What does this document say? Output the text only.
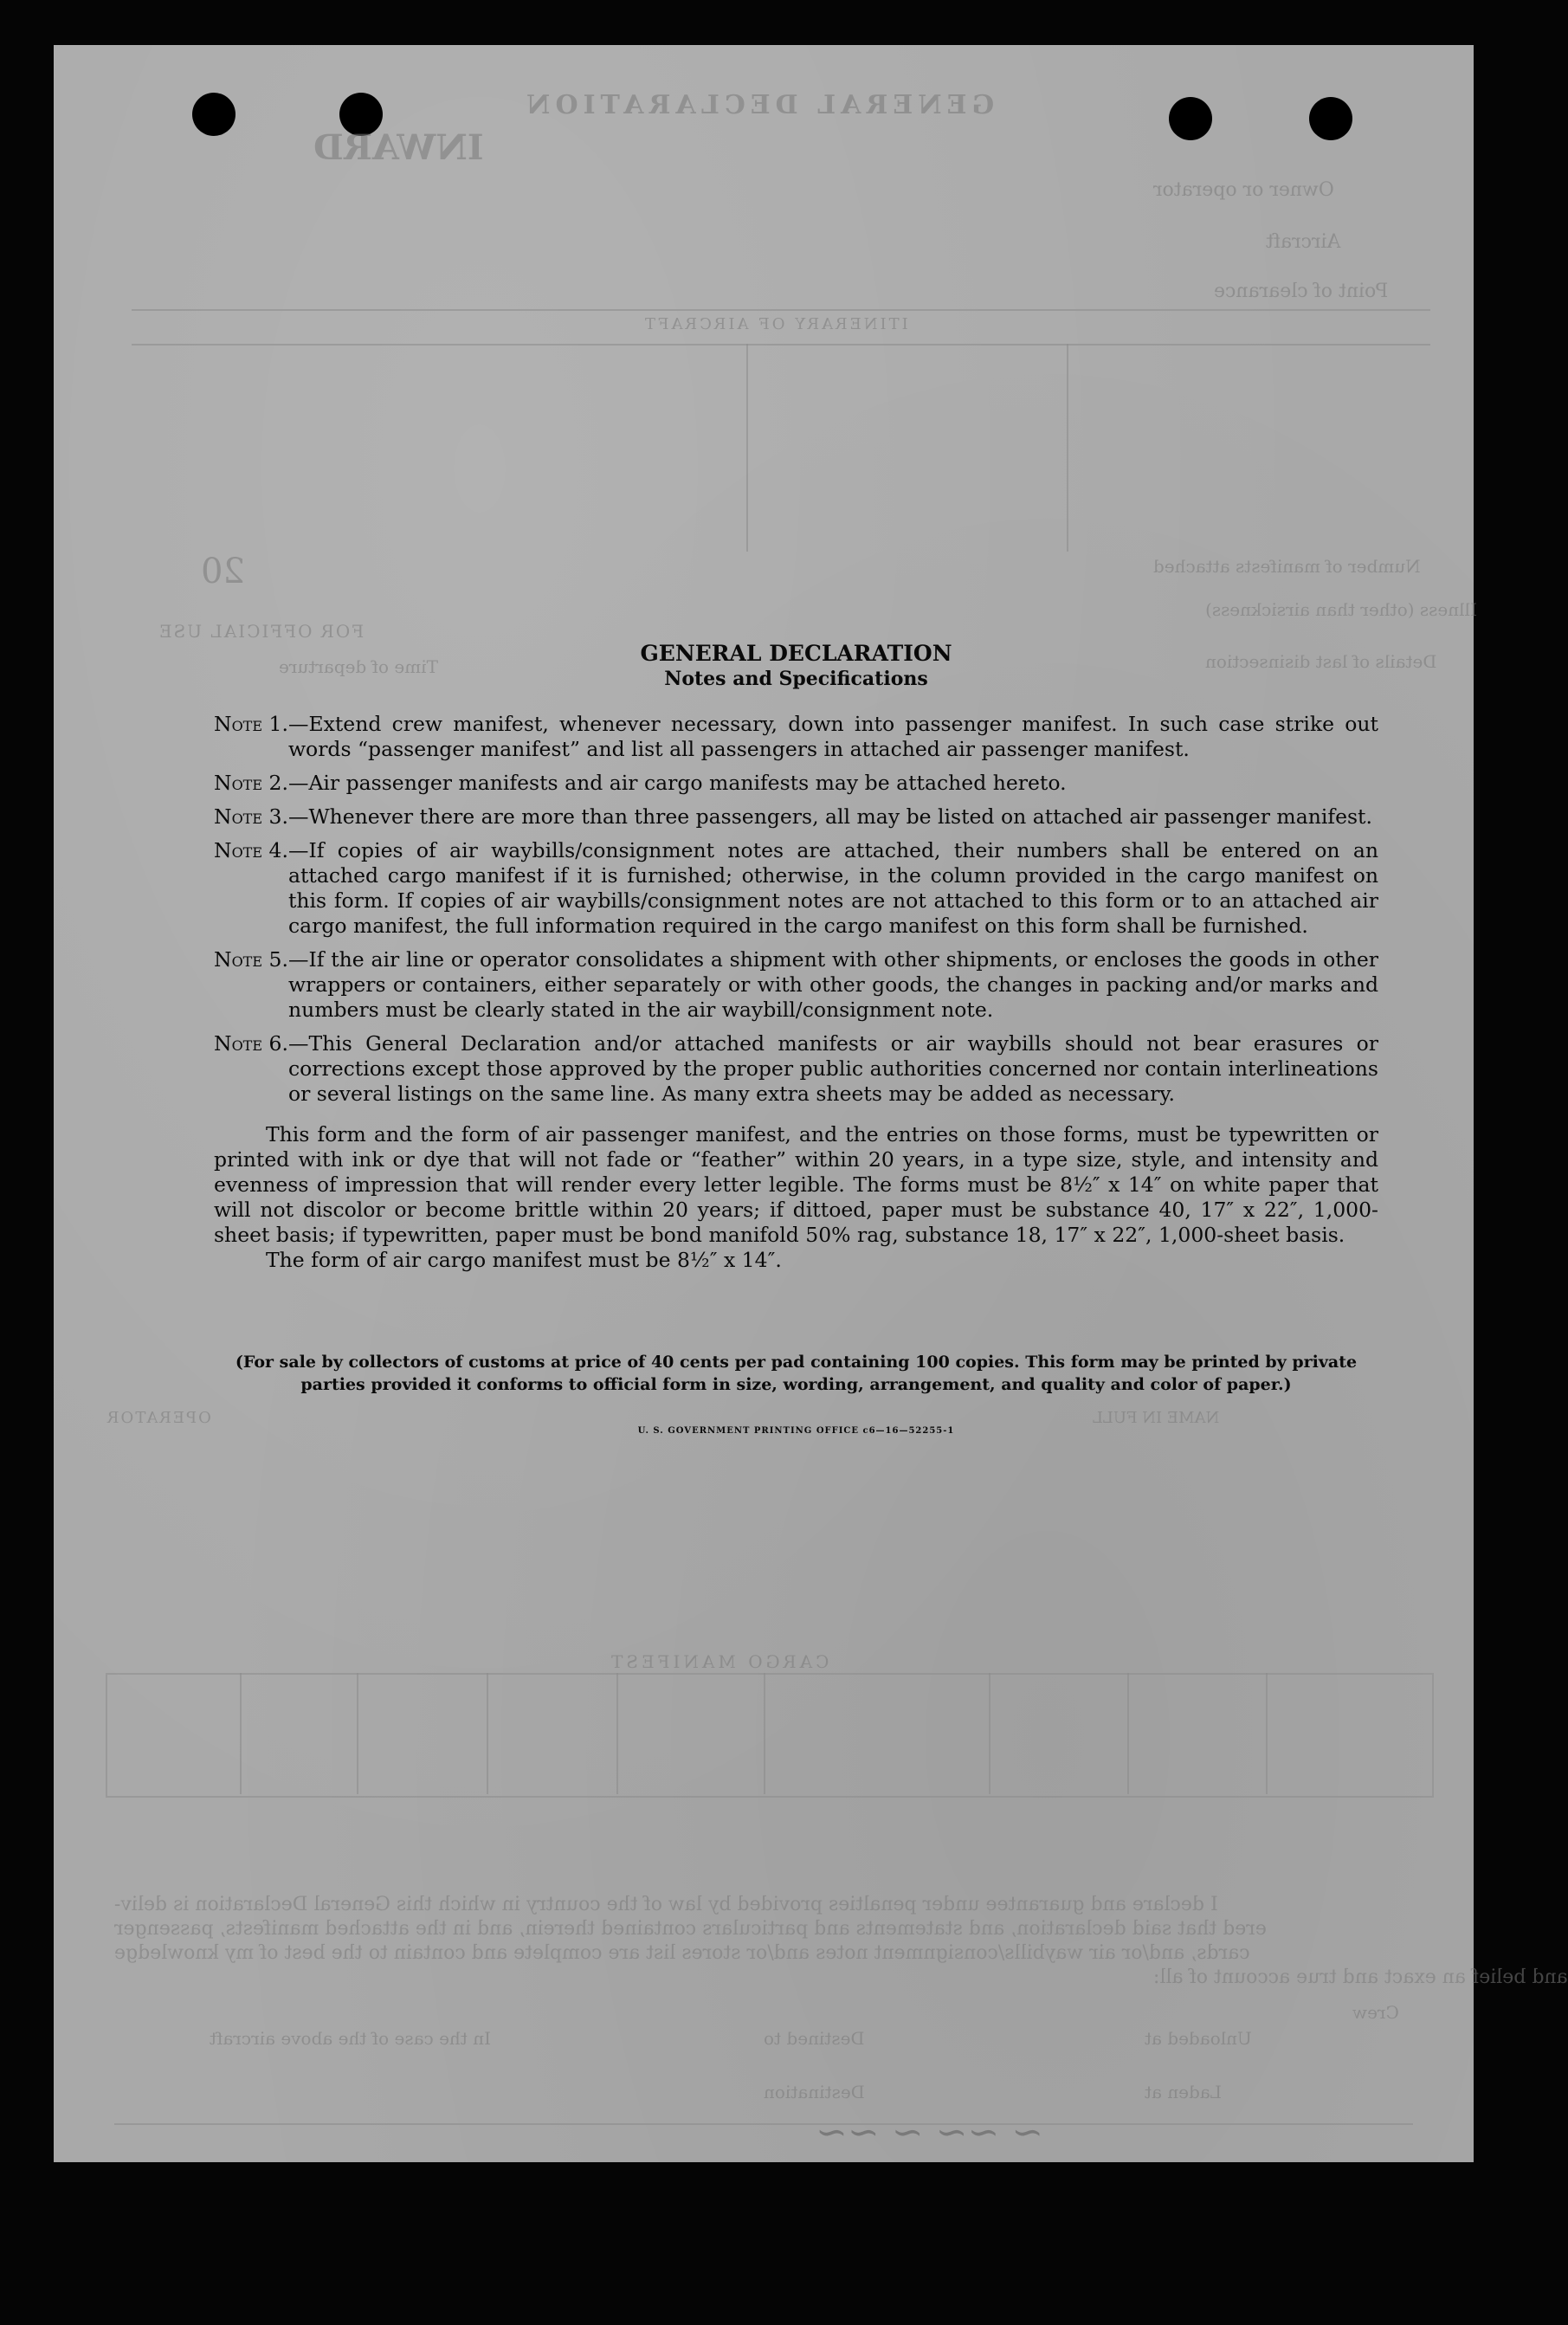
GENERAL DECLARATION
INWARD
Owner or operator
Aircraft
Point of clearance
ITINERARY OF AIRCRAFT
Number of manifests attached
Illness (other than airsickness)
Details of last disinsection
20
FOR OFFICIAL USE
Time of departure
NAME IN FULL
OPERATOR
CARGO MANIFEST
I declare and guarantee under penalties provided by law of the country in which this General Declaration is deliv-
ered that said declaration, and statements and particulars contained therein, and in the attached manifests, passenger
cards, and/or air waybills/consignment notes and/or stores list are complete and contain to the best of my knowledge
and belief an exact and true account of all:
Crew
Unloaded at
Destined to
Laden at
Destination
In the case of the above aircraft
~ ~~ ~ ~~
GENERAL DECLARATION
Notes and Specifications
Note 1. —Extend crew manifest, whenever necessary, down into passenger manifest. In such case strike out words “passenger manifest” and list all passengers in attached air passenger manifest.
Note 2. —Air passenger manifests and air cargo manifests may be attached hereto.
Note 3. —Whenever there are more than three passengers, all may be listed on attached air passenger manifest.
Note 4. —If copies of air waybills/consignment notes are attached, their numbers shall be entered on an attached cargo manifest if it is furnished; otherwise, in the column provided in the cargo manifest on this form. If copies of air waybills/consignment notes are not attached to this form or to an attached air cargo manifest, the full information required in the cargo manifest on this form shall be furnished.
Note 5. —If the air line or operator consolidates a shipment with other shipments, or encloses the goods in other wrappers or containers, either separately or with other goods, the changes in packing and/or marks and numbers must be clearly stated in the air waybill/consignment note.
Note 6. —This General Declaration and/or attached manifests or air waybills should not bear erasures or corrections except those approved by the proper public authorities concerned nor contain interlineations or several listings on the same line. As many extra sheets may be added as necessary.
This form and the form of air passenger manifest, and the entries on those forms, must be typewritten or printed with ink or dye that will not fade or “feather” within 20 years, in a type size, style, and intensity and evenness of impression that will render every letter legible. The forms must be 8½″ x 14″ on white paper that will not discolor or become brittle within 20 years; if dittoed, paper must be substance 40, 17″ x 22″, 1,000-sheet basis; if typewritten, paper must be bond manifold 50% rag, substance 18, 17″ x 22″, 1,000-sheet basis.
The form of air cargo manifest must be 8½″ x 14″.
(For sale by collectors of customs at price of 40 cents per pad containing 100 copies. This form may be printed by private parties provided it conforms to official form in size, wording, arrangement, and quality and color of paper.)
U. S. GOVERNMENT PRINTING OFFICE c6—16—52255-1
